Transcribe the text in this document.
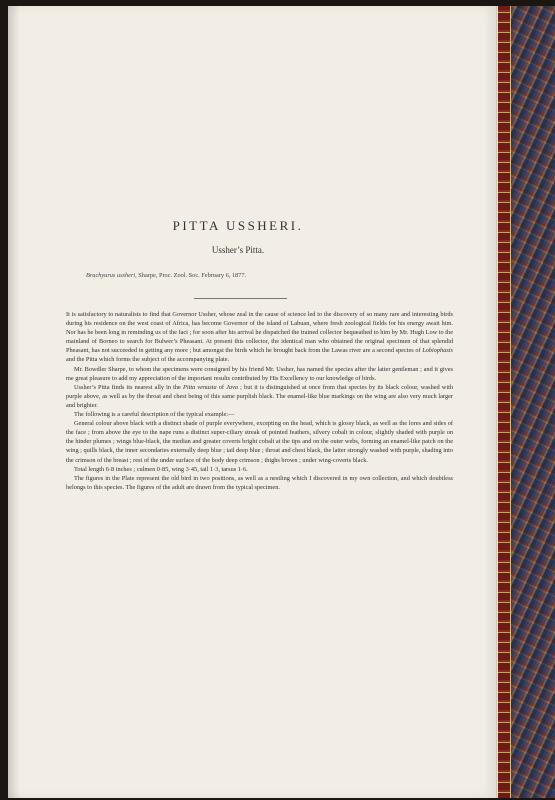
PITTA USSHERI.
Ussher’s Pitta.
Brachyurus ussheri, Sharpe, Proc. Zool. Soc. February 6, 1877.

It is satisfactory to naturalists to find that Governor Ussher, whose zeal in the cause of science led to the discovery of so many rare and interesting birds during his residence on the west coast of Africa, has become Governor of the island of Labuan, where fresh zoological fields for his energy await him. Nor has he been long in reminding us of the fact ; for soon after his arrival he dispatched the trained collector bequeathed to him by Mr. Hugh Low to the mainland of Borneo to search for Bulwer’s Pheasant. At present this collector, the identical man who obtained the original specimen of that splendid Pheasant, has not succeeded in getting any more ; but amongst the birds which he brought back from the Lawas river are a second species of Lobiophasis and the Pitta which forms the subject of the accompanying plate.

Mr. Bowdler Sharpe, to whom the specimens were consigned by his friend Mr. Ussher, has named the species after the latter gentleman ; and it gives me great pleasure to add my appreciation of the important results contributed by His Excellency to our knowledge of birds.

Ussher’s Pitta finds its nearest ally in the Pitta venusta of Java ; but it is distinguished at once from that species by its black colour, washed with purple above, as well as by the throat and chest being of this same purplish black. The enamel-like blue markings on the wing are also very much larger and brighter.

The following is a careful description of the typical example:—

General colour above black with a distinct shade of purple everywhere, excepting on the head, which is glossy black, as well as the lores and sides of the face ; from above the eye to the nape runs a distinct super-ciliary streak of pointed feathers, silvery cobalt in colour, slightly shaded with purple on the hinder plumes ; wings blue-black, the median and greater coverts bright cobalt at the tips and on the outer webs, forming an enamel-like patch on the wing ; quills black, the inner secondaries externally deep blue ; tail deep blue ; throat and chest black, the latter strongly washed with purple, shading into the crimson of the breast ; rest of the under surface of the body deep crimson ; thighs brown ; under wing-coverts black.

Total length 6·8 inches ; culmen 0·85, wing 3·45, tail 1·3, tarsus 1·6.

The figures in the Plate represent the old bird in two positions, as well as a nestling which I discovered in my own collection, and which doubtless belongs to this species. The figures of the adult are drawn from the typical specimen.
